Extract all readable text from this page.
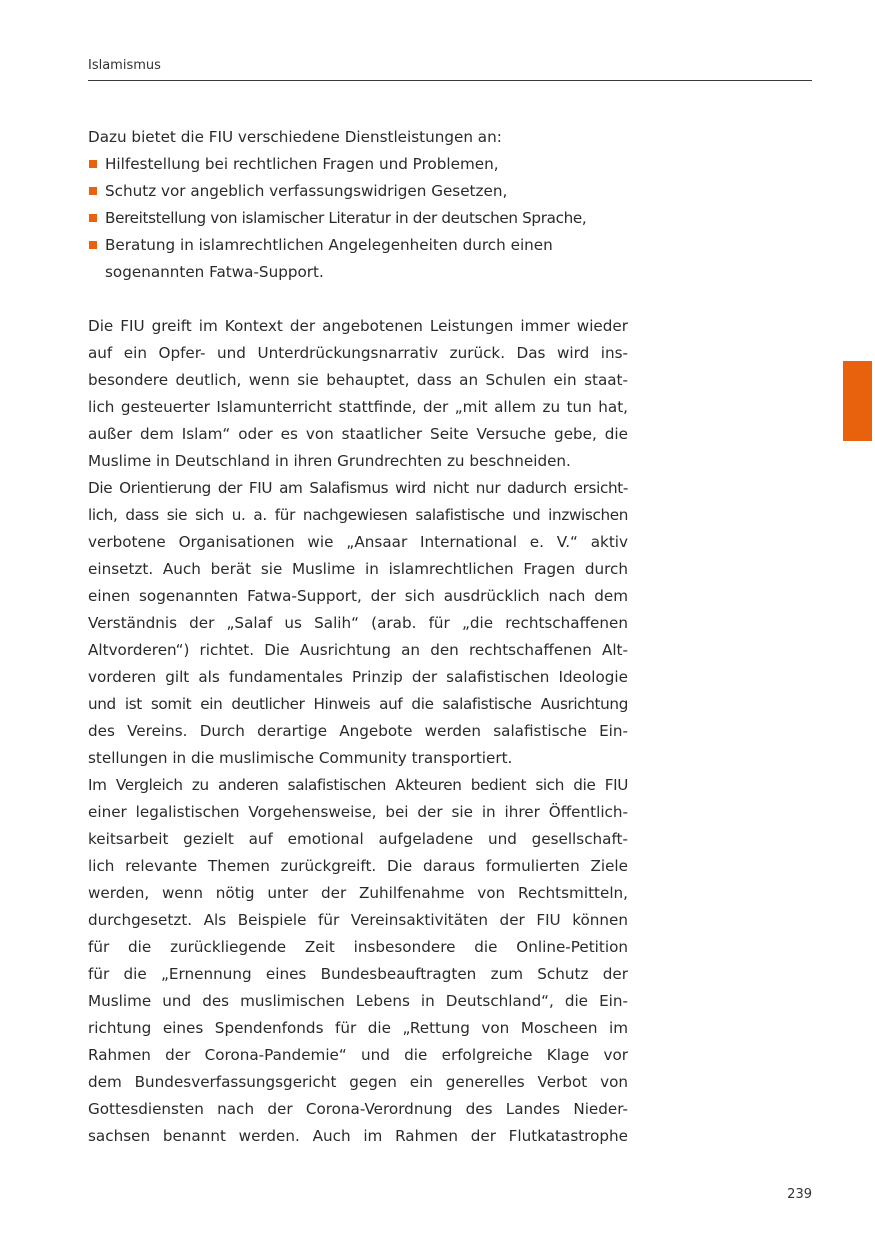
Islamismus
Dazu bietet die FIU verschiedene Dienstleistungen an:
Hilfestellung bei rechtlichen Fragen und Problemen,
Schutz vor angeblich verfassungswidrigen Gesetzen,
Bereitstellung von islamischer Literatur in der deutschen Sprache,
Beratung in islamrechtlichen Angelegenheiten durch einen
sogenannten Fatwa-Support.
Die FIU greift im Kontext der angebotenen Leistungen immer wieder
auf ein Opfer- und Unterdrückungsnarrativ zurück. Das wird ins-
besondere deutlich, wenn sie behauptet, dass an Schulen ein staat-
lich gesteuerter Islamunterricht stattfinde, der „mit allem zu tun hat,
außer dem Islam“ oder es von staatlicher Seite Versuche gebe, die
Muslime in Deutschland in ihren Grundrechten zu beschneiden.
Die Orientierung der FIU am Salafismus wird nicht nur dadurch ersicht-
lich, dass sie sich u. a. für nachgewiesen salafistische und inzwischen
verbotene Organisationen wie „Ansaar International e. V.“ aktiv
einsetzt. Auch berät sie Muslime in islamrechtlichen Fragen durch
einen sogenannten Fatwa-Support, der sich ausdrücklich nach dem
Verständnis der „Salaf us Salih“ (arab. für „die rechtschaffenen
Altvorderen“) richtet. Die Ausrichtung an den rechtschaffenen Alt-
vorderen gilt als fundamentales Prinzip der salafistischen Ideologie
und ist somit ein deutlicher Hinweis auf die salafistische Ausrichtung
des Vereins. Durch derartige Angebote werden salafistische Ein-
stellungen in die muslimische Community transportiert.
Im Vergleich zu anderen salafistischen Akteuren bedient sich die FIU
einer legalistischen Vorgehensweise, bei der sie in ihrer Öffentlich-
keitsarbeit gezielt auf emotional aufgeladene und gesellschaft-
lich relevante Themen zurückgreift. Die daraus formulierten Ziele
werden, wenn nötig unter der Zuhilfenahme von Rechtsmitteln,
durchgesetzt. Als Beispiele für Vereinsaktivitäten der FIU können
für die zurückliegende Zeit insbesondere die Online-Petition
für die „Ernennung eines Bundesbeauftragten zum Schutz der
Muslime und des muslimischen Lebens in Deutschland“, die Ein-
richtung eines Spendenfonds für die „Rettung von Moscheen im
Rahmen der Corona-Pandemie“ und die erfolgreiche Klage vor
dem Bundesverfassungsgericht gegen ein generelles Verbot von
Gottesdiensten nach der Corona-Verordnung des Landes Nieder-
sachsen benannt werden. Auch im Rahmen der Flutkatastrophe
239
